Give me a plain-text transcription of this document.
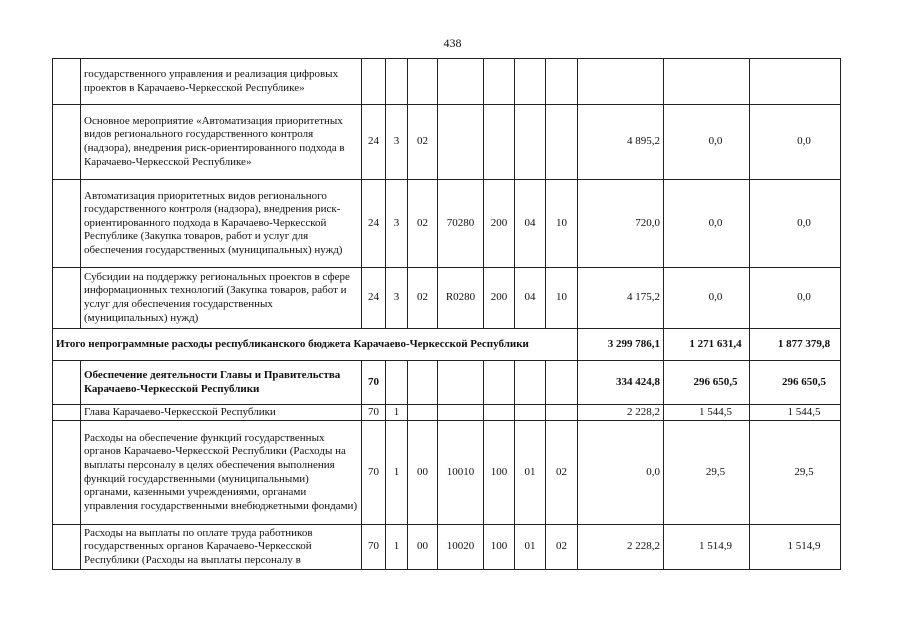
438
	государственного управления и реализация цифровых проектов в Карачаево-Черкесской Республике»										
	Основное мероприятие «Автоматизация приоритетных видов регионального государственного контроля (надзора), внедрения риск-ориентированного подхода в Карачаево-Черкесской Республике»	24	3	02					4 895,2	0,0	0,0
	Автоматизация приоритетных видов регионального государственного контроля (надзора), внедрения риск-ориентированного подхода в Карачаево-Черкесской Республике (Закупка товаров, работ и услуг для обеспечения государственных (муниципальных) нужд)	24	3	02	70280	200	04	10	720,0	0,0	0,0
	Субсидии на поддержку региональных проектов в сфере информационных технологий (Закупка товаров, работ и услуг для обеспечения государственных (муниципальных) нужд)	24	3	02	R0280	200	04	10	4 175,2	0,0	0,0
Итого непрограммные расходы республиканского бюджета Карачаево-Черкесской Республики									3 299 786,1	1 271 631,4	1 877 379,8
	Обеспечение деятельности Главы и Правительства Карачаево-Черкесской Республики	70							334 424,8	296 650,5	296 650,5
	Глава Карачаево-Черкесской Республики	70	1						2 228,2	1 544,5	1 544,5
	Расходы на обеспечение функций государственных органов Карачаево-Черкесской Республики (Расходы на выплаты персоналу в целях обеспечения выполнения функций государственными (муниципальными) органами, казенными учреждениями, органами управления государственными внебюджетными фондами)	70	1	00	10010	100	01	02	0,0	29,5	29,5
	Расходы на выплаты по оплате труда работников государственных органов Карачаево-Черкесской Республики (Расходы на выплаты персоналу в	70	1	00	10020	100	01	02	2 228,2	1 514,9	1 514,9
